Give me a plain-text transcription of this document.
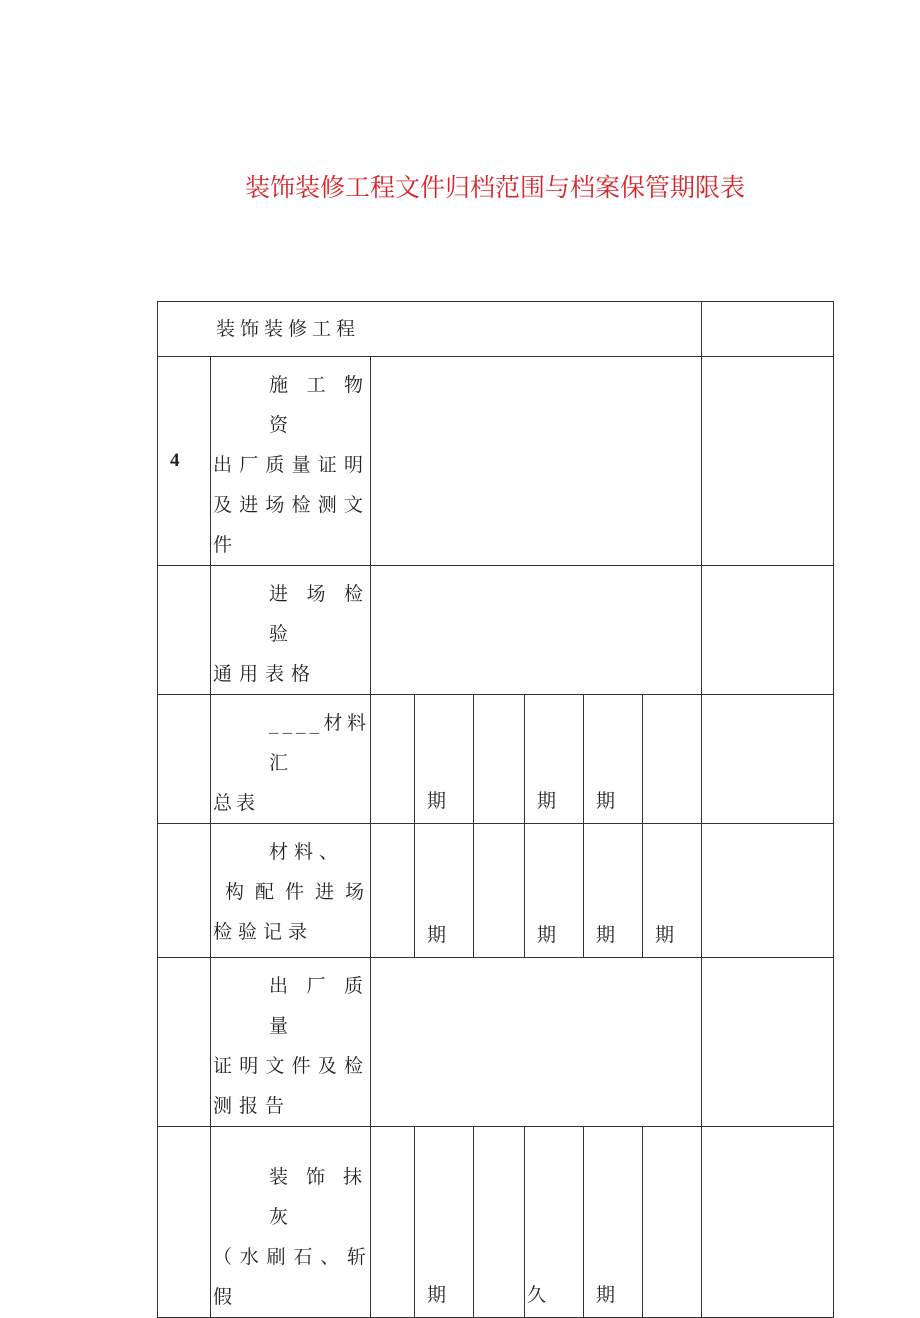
装饰装修工程文件归档范围与档案保管期限表
装饰装修工程								
4	施工物资
出厂质量证明及进场检测文件							

	进场检验
通用表格							

	____材料汇
总表		期		期	期		

	材料、
构配件进场检验记录		期		期	期	期	

	出厂质量
证明文件及检测报告							

	装饰抹灰
（水刷石、斩假		期		久	期		
